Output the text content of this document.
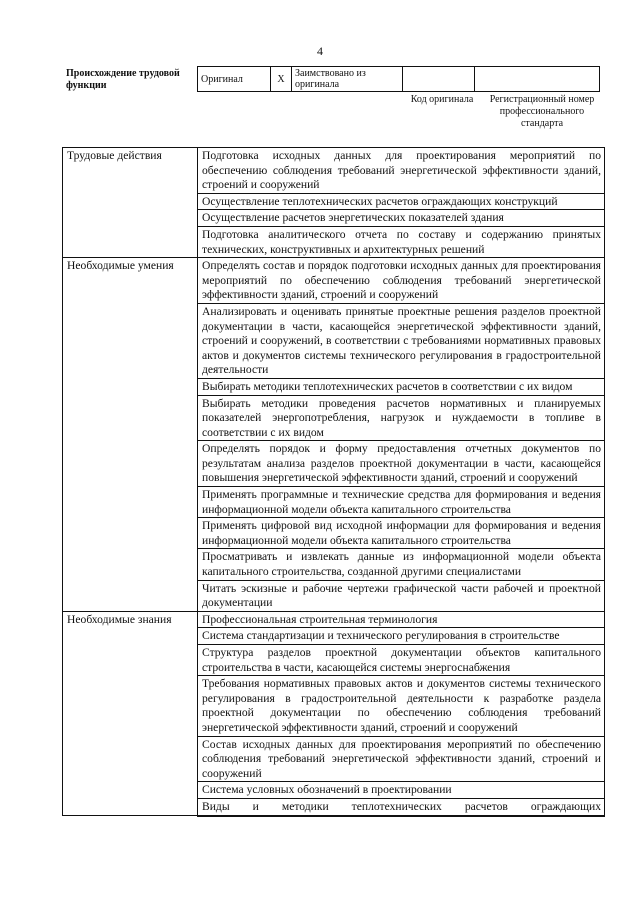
4
Происхождение трудовой функции
Оригинал	X	Заимствовано из оригинала		
Код оригинала	Регистрационный номер профессионального стандарта
Трудовые действия	Подготовка исходных данных для проектирования мероприятий по обеспечению соблюдения требований энергетической эффективности зданий, строений и сооружений
	Осуществление теплотехнических расчетов ограждающих конструкций
	Осуществление расчетов энергетических показателей здания
	Подготовка аналитического отчета по составу и содержанию принятых технических, конструктивных и архитектурных решений
Необходимые умения	Определять состав и порядок подготовки исходных данных для проектирования мероприятий по обеспечению соблюдения требований энергетической эффективности зданий, строений и сооружений
	Анализировать и оценивать принятые проектные решения разделов проектной документации в части, касающейся энергетической эффективности зданий, строений и сооружений, в соответствии с требованиями нормативных правовых актов и документов системы технического регулирования в градостроительной деятельности
	Выбирать методики теплотехнических расчетов в соответствии с их видом
	Выбирать методики проведения расчетов нормативных и планируемых показателей энергопотребления, нагрузок и нуждаемости в топливе в соответствии с их видом
	Определять порядок и форму предоставления отчетных документов по результатам анализа разделов проектной документации в части, касающейся повышения энергетической эффективности зданий, строений и сооружений
	Применять программные и технические средства для формирования и ведения информационной модели объекта капитального строительства
	Применять цифровой вид исходной информации для формирования и ведения информационной модели объекта капитального строительства
	Просматривать и извлекать данные из информационной модели объекта капитального строительства, созданной другими специалистами
	Читать эскизные и рабочие чертежи графической части рабочей и проектной документации
Необходимые знания	Профессиональная строительная терминология
	Система стандартизации и технического регулирования в строительстве
	Структура разделов проектной документации объектов капитального строительства в части, касающейся системы энергоснабжения
	Требования нормативных правовых актов и документов системы технического регулирования в градостроительной деятельности к разработке раздела проектной документации по обеспечению соблюдения требований энергетической эффективности зданий, строений и сооружений
	Состав исходных данных для проектирования мероприятий по обеспечению соблюдения требований энергетической эффективности зданий, строений и сооружений
	Система условных обозначений в проектировании
	Виды и методики теплотехнических расчетов ограждающих
